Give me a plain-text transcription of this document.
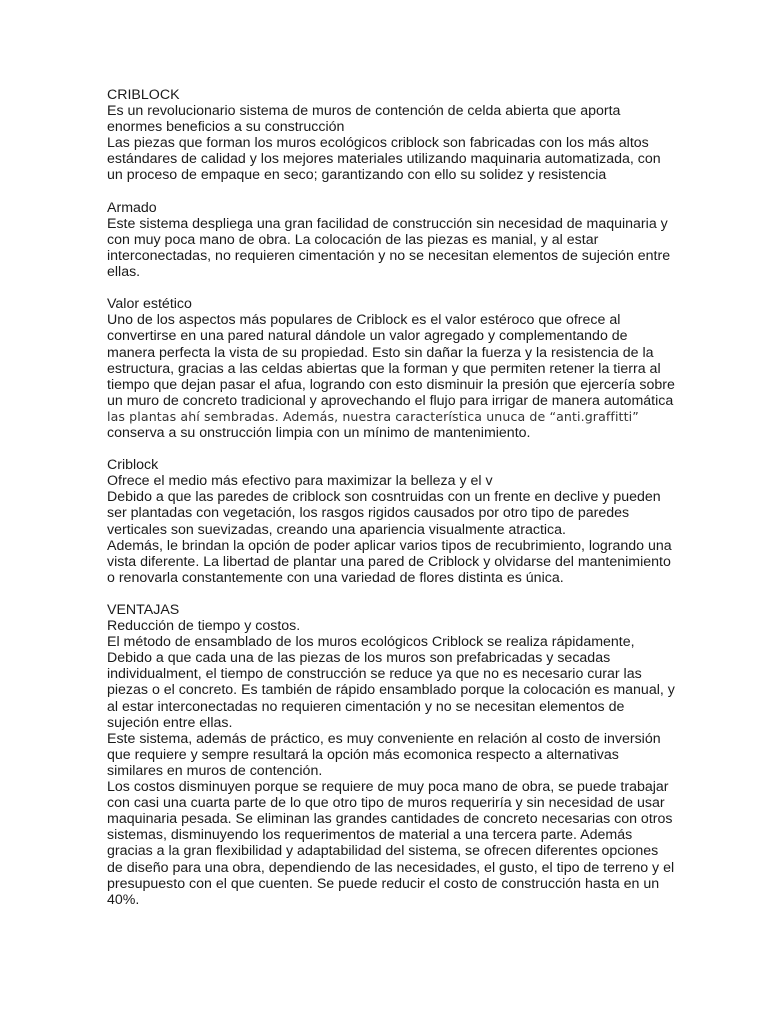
CRIBLOCK
Es un revolucionario sistema de muros de contención de celda abierta que aporta
enormes beneficios a su construcción
Las piezas que forman los muros ecológicos criblock son fabricadas con los más altos
estándares de calidad y los mejores materiales utilizando maquinaria automatizada, con
un proceso de empaque en seco; garantizando con ello su solidez y resistencia
Armado
Este sistema despliega una gran facilidad de construcción sin necesidad de maquinaria y
con muy poca mano de obra. La colocación de las piezas es manial, y al estar
interconectadas, no requieren cimentación y no se necesitan elementos de sujeción entre
ellas.
Valor estético
Uno de los aspectos más populares de Criblock es el valor estéroco que ofrece al
convertirse en una pared natural dándole un valor agregado y complementando de
manera perfecta la vista de su propiedad. Esto sin dañar la fuerza y la resistencia de la
estructura, gracias a las celdas abiertas que la forman y que permiten retener la tierra al
tiempo que dejan pasar el afua, logrando con esto disminuir la presión que ejercería sobre
un muro de concreto tradicional y aprovechando el flujo para irrigar de manera automática
las plantas ahí sembradas. Además, nuestra característica unuca de “anti.graffitti”
conserva a su onstrucción limpia con un mínimo de mantenimiento.
Criblock
Ofrece el medio más efectivo para maximizar la belleza y el v
Debido a que las paredes de criblock son cosntruidas con un frente en declive y pueden
ser plantadas con vegetación, los rasgos rigidos causados por otro tipo de paredes
verticales son suevizadas, creando una apariencia visualmente atractica.
Además, le brindan la opción de poder aplicar varios tipos de recubrimiento, logrando una
vista diferente. La libertad de plantar una pared de Criblock y olvidarse del mantenimiento
o renovarla constantemente con una variedad de flores distinta es única.
VENTAJAS
Reducción de tiempo y costos.
El método de ensamblado de los muros ecológicos Criblock se realiza rápidamente,
Debido a que cada una de las piezas de los muros son prefabricadas y secadas
individualment, el tiempo de construcción se reduce ya que no es necesario curar las
piezas o el concreto. Es también de rápido ensamblado porque la colocación es manual, y
al estar interconectadas no requieren cimentación y no se necesitan elementos de
sujeción entre ellas.
Este sistema, además de práctico, es muy conveniente en relación al costo de inversión
que requiere y sempre resultará la opción más ecomonica respecto a alternativas
similares en muros de contención.
Los costos disminuyen porque se requiere de muy poca mano de obra, se puede trabajar
con casi una cuarta parte de lo que otro tipo de muros requeriría y sin necesidad de usar
maquinaria pesada. Se eliminan las grandes cantidades de concreto necesarias con otros
sistemas, disminuyendo los requerimentos de material a una tercera parte. Además
gracias a la gran flexibilidad y adaptabilidad del sistema, se ofrecen diferentes opciones
de diseño para una obra, dependiendo de las necesidades, el gusto, el tipo de terreno y el
presupuesto con el que cuenten. Se puede reducir el costo de construcción hasta en un
40%.
